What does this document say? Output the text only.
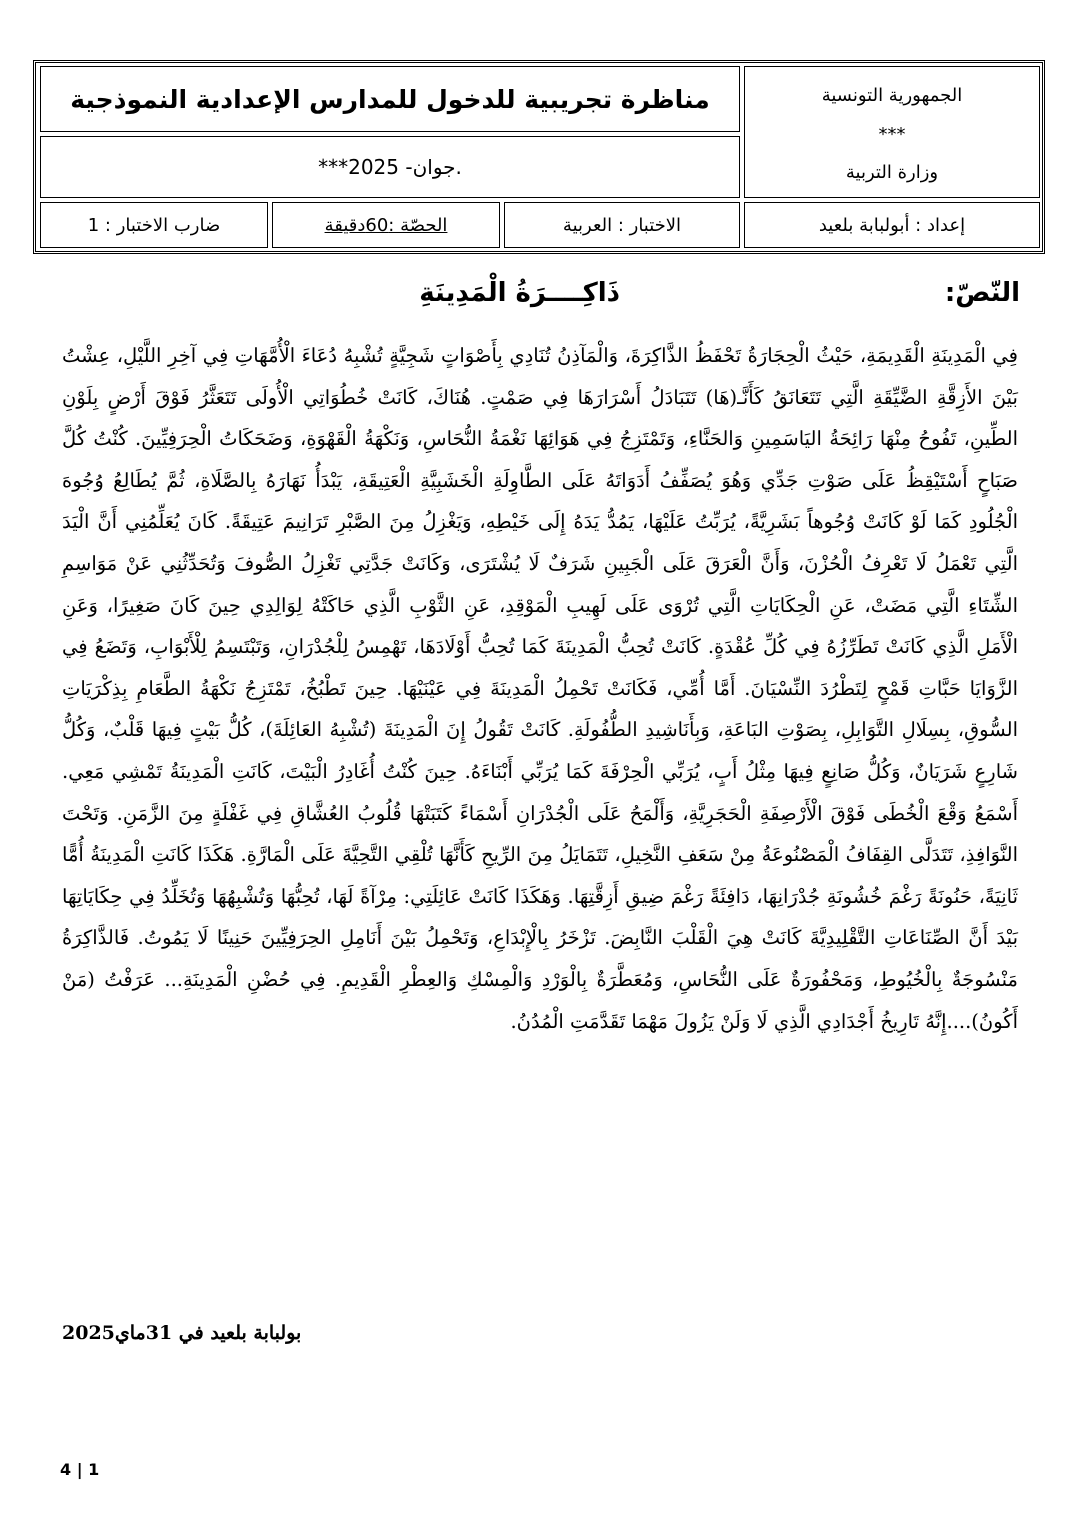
مناظرة تجريبية للدخول للمدارس الإعدادية النموذجية
***2025 -جوان.
الجمهورية التونسية
***
وزارة التربية
ضارب الاختبار : 1	الحصّة :60دقيقة	الاختبار : العربية	إعداد : أبولبابة بلعيد
النّصّ:
ذَاكِــــرَةُ الْمَدِينَةِ
فِي الْمَدِينَةِ الْقَدِيمَةِ، حَيْثُ الْحِجَارَةُ تَحْفَظُ الذَّاكِرَةَ، وَالْمَآذِنُ تُنَادِي بِأَصْوَاتٍ شَجِيَّةٍ تُشْبِهُ دُعَاءَ الْأُمَّهَاتِ فِي آخِرِ اللَّيْلِ، عِشْتُ بَيْنَ الأَزِقَّةِ الضَّيِّقَةِ الَّتِي تَتَعَانَقُ كَأَنَّـ(هَا) تَتَبَادَلُ أَسْرَارَهَا فِي صَمْتٍ. هُنَاكَ، كَانَتْ خُطُوَاتِي الْأُولَى تَتَعَثَّرُ فَوْقَ أَرْضٍ بِلَوْنِ الطِّينِ، تَفُوحُ مِنْهَا رَائِحَةُ اليَاسَمِينِ وَالحَنَّاءِ، وَتَمْتَزِجُ فِي هَوَائِهَا نَغْمَةُ النُّحَاسِ، وَنَكْهَةُ الْقَهْوَةِ، وَضَحَكَاتُ الْحِرَفِيِّينَ. كُنْتُ كُلَّ صَبَاحٍ أَسْتَيْقِظُ عَلَى صَوْتِ جَدِّي وَهُوَ يُصَفِّفُ أَدَوَاتَهُ عَلَى الطَّاوِلَةِ الْخَشَبِيَّةِ الْعَتِيقَةِ، يَبْدَأُ نَهَارَهُ بِالصَّلَاةِ، ثُمَّ يُطَالِعُ وُجُوهَ الْجُلُودِ كَمَا لَوْ كَانَتْ وُجُوهاً بَشَرِيَّةً، يُرَبِّتُ عَلَيْهَا، يَمُدُّ يَدَهُ إِلَى خَيْطِهِ، وَيَغْزِلُ مِنَ الصَّبْرِ تَرَانِيمَ عَتِيقَةً. كَانَ يُعَلِّمُنِي أَنَّ الْيَدَ الَّتِي تَعْمَلُ لَا تَعْرِفُ الْحُزْنَ، وَأَنَّ الْعَرَقَ عَلَى الْجَبِينِ شَرَفٌ لَا يُشْتَرَى، وَكَانَتْ جَدَّتِي تَغْزِلُ الصُّوفَ وَتُحَدِّثُنِي عَنْ مَوَاسِمِ الشِّتَاءِ الَّتِي مَضَتْ، عَنِ الْحِكَايَاتِ الَّتِي تُرْوَى عَلَى لَهِيبِ الْمَوْقِدِ، عَنِ الثَّوْبِ الَّذِي حَاكَتْهُ لِوَالِدِي حِينَ كَانَ صَغِيرًا، وَعَنِ الْأَمَلِ الَّذِي كَانَتْ تَطَرِّزُهُ فِي كُلِّ عُقْدَةٍ. كَانَتْ تُحِبُّ الْمَدِينَةَ كَمَا تُحِبُّ أَوْلَادَهَا، تَهْمِسُ لِلْجُدْرَانِ، وَتَبْتَسِمُ لِلْأَبْوَابِ، وَتَضَعُ فِي الزَّوَايَا حَبَّاتِ قَمْحٍ لِتَطْرُدَ النِّسْيَانَ. أَمَّا أُمِّي، فَكَانَتْ تَحْمِلُ الْمَدِينَةَ فِي عَيْنَيْهَا. حِينَ تَطْبُخُ، تَمْتَزِجُ نَكْهَةُ الطَّعَامِ بِذِكْرَيَاتِ السُّوقِ، بِسِلَالِ التَّوَابِلِ، بِصَوْتِ البَاعَةِ، وَبِأَنَاشِيدِ الطُّفُولَةِ. كَانَتْ تَقُولُ إِنَ الْمَدِينَةَ (تُشْبِهُ العَائِلَةَ)، كُلُّ بَيْتٍ فِيهَا قَلْبٌ، وَكُلُّ شَارِعٍ شَرَيَانٌ، وَكُلُّ صَانِعٍ فِيهَا مِثْلُ أَبٍ، يُرَبِّي الْحِرْفَةَ كَمَا يُرَبِّي أَبْنَاءَهُ. حِينَ كُنْتُ أُغَادِرُ الْبَيْتَ، كَانَتِ الْمَدِينَةُ تَمْشِي مَعِي. أَسْمَعُ وَقْعَ الْخُطَى فَوْقَ الْأَرْصِفَةِ الْحَجَرِيَّةِ، وَأَلْمَحُ عَلَى الْجُدْرَانِ أَسْمَاءً كَتَبَتْهَا قُلُوبُ العُشَّاقِ فِي غَفْلَةٍ مِنَ الزَّمَنِ. وَتَحْتَ النَّوَافِذِ، تَتَدَلَّى القِفَافُ الْمَصْنُوعَةُ مِنْ سَعَفِ النَّخِيلِ، تَتَمَايَلُ مِنَ الرِّيحِ كَأَنَّهَا تُلْقِي التَّحِيَّةَ عَلَى الْمَارَّةِ. هَكَذَا كَانَتِ الْمَدِينَةُ أُمًّا ثَانِيَةً، حَنُونَةً رَغْمَ خُشُونَةِ جُدْرَانِهَا، دَافِئَةً رَغْمَ ضِيقِ أَزِقَّتِهَا. وَهَكَذَا كَانَتْ عَائِلَتِي: مِرْآةً لَهَا، تُحِبُّهَا وَتُشْبِهُهَا وَتُخَلِّدُ فِي حِكَايَاتِهَا بَيْدَ أَنَّ الصِّنَاعَاتِ التَّقْلِيدِيَّةَ كَانَتْ هِيَ الْقَلْبَ النَّابِضَ. تَزْخَرُ بِالْإِبْدَاعِ، وَتَحْمِلُ بَيْنَ أَنَامِلِ الحِرَفِيِّينَ حَنِينًا لَا يَمُوتُ. فَالذَّاكِرَةُ مَنْسُوجَةٌ بِالْخُيُوطِ، وَمَحْفُورَةٌ عَلَى النُّحَاسِ، وَمُعَطَّرَةٌ بِالْوَرْدِ وَالْمِسْكِ وَالعِطْرِ الْقَدِيمِ. فِي حُضْنِ الْمَدِينَةِ... عَرَفْتُ (مَنْ أَكُونُ)....إِنَّهُ تَارِيخُ أَجْدَادِي الَّذِي لَا وَلَنْ يَزُولَ مَهْمَا تَقَدَّمَتِ الْمُدُنُ.
بولبابة بلعيد في 31ماي2025
4 | 1
